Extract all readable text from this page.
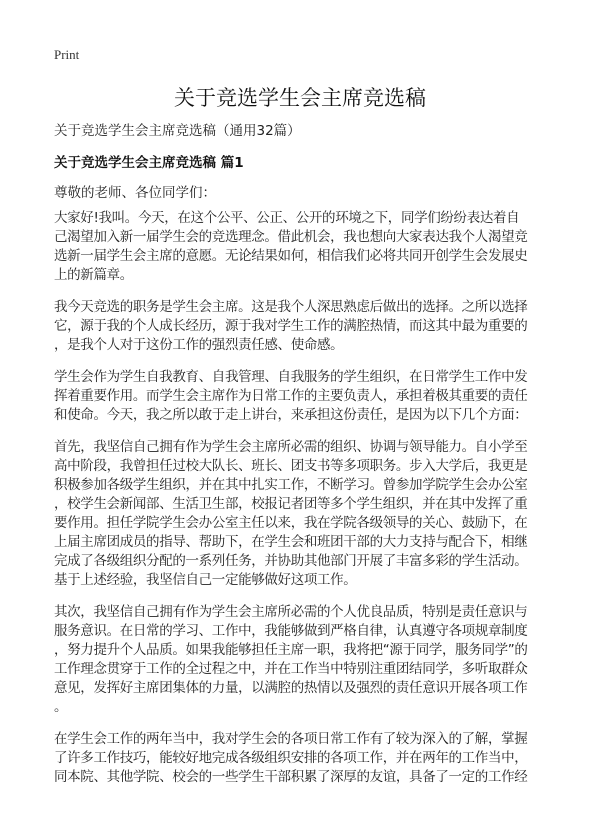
Print
关于竞选学生会主席竞选稿
关于竞选学生会主席竞选稿（通用32篇）
关于竞选学生会主席竞选稿 篇1
尊敬的老师、各位同学们：
大家好!我叫。今天，在这个公平、公正、公开的环境之下，同学们纷纷表达着自
己渴望加入新一届学生会的竞选理念。借此机会，我也想向大家表达我个人渴望竞
选新一届学生会主席的意愿。无论结果如何，相信我们必将共同开创学生会发展史
上的新篇章。
我今天竞选的职务是学生会主席。这是我个人深思熟虑后做出的选择。之所以选择
它，源于我的个人成长经历，源于我对学生工作的满腔热情，而这其中最为重要的
，是我个人对于这份工作的强烈责任感、使命感。
学生会作为学生自我教育、自我管理、自我服务的学生组织，在日常学生工作中发
挥着重要作用。而学生会主席作为日常工作的主要负责人，承担着极其重要的责任
和使命。今天，我之所以敢于走上讲台，来承担这份责任，是因为以下几个方面：
首先，我坚信自己拥有作为学生会主席所必需的组织、协调与领导能力。自小学至
高中阶段，我曾担任过校大队长、班长、团支书等多项职务。步入大学后，我更是
积极参加各级学生组织，并在其中扎实工作，不断学习。曾参加学院学生会办公室
，校学生会新闻部、生活卫生部，校报记者团等多个学生组织，并在其中发挥了重
要作用。担任学院学生会办公室主任以来，我在学院各级领导的关心、鼓励下，在
上届主席团成员的指导、帮助下，在学生会和班团干部的大力支持与配合下，相继
完成了各级组织分配的一系列任务，并协助其他部门开展了丰富多彩的学生活动。
基于上述经验，我坚信自己一定能够做好这项工作。
其次，我坚信自己拥有作为学生会主席所必需的个人优良品质，特别是责任意识与
服务意识。在日常的学习、工作中，我能够做到严格自律，认真遵守各项规章制度
，努力提升个人品质。如果我能够担任主席一职，我将把“源于同学，服务同学”的
工作理念贯穿于工作的全过程之中，并在工作当中特别注重团结同学，多听取群众
意见，发挥好主席团集体的力量，以满腔的热情以及强烈的责任意识开展各项工作
。
在学生会工作的两年当中，我对学生会的各项日常工作有了较为深入的了解，掌握
了许多工作技巧，能较好地完成各级组织安排的各项工作，并在两年的工作当中，
同本院、其他学院、校会的一些学生干部积累了深厚的友谊，具备了一定的工作经
